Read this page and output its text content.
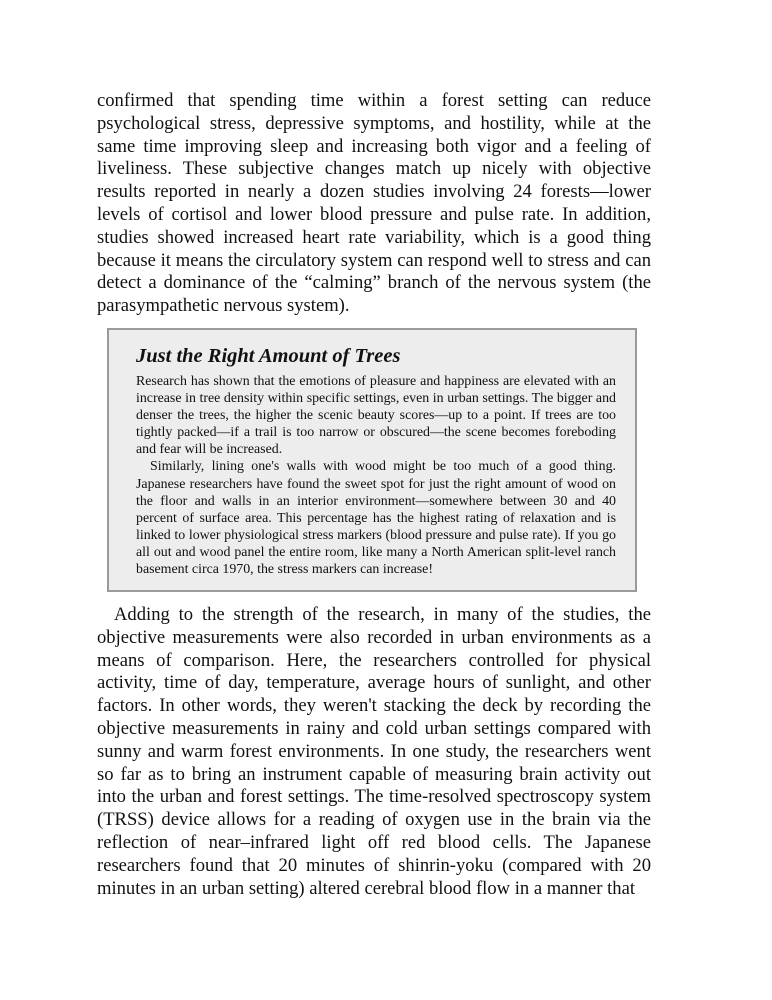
confirmed that spending time within a forest setting can reduce psychological stress, depressive symptoms, and hostility, while at the same time improving sleep and increasing both vigor and a feeling of liveliness. These subjective changes match up nicely with objective results reported in nearly a dozen studies involving 24 forests—lower levels of cortisol and lower blood pressure and pulse rate. In addition, studies showed increased heart rate variability, which is a good thing because it means the circulatory system can respond well to stress and can detect a dominance of the “calming” branch of the nervous system (the parasympathetic nervous system).

Just the Right Amount of Trees

Research has shown that the emotions of pleasure and happiness are elevated with an increase in tree density within specific settings, even in urban settings. The bigger and denser the trees, the higher the scenic beauty scores—up to a point. If trees are too tightly packed—if a trail is too narrow or obscured—the scene becomes foreboding and fear will be increased.

Similarly, lining one's walls with wood might be too much of a good thing. Japanese researchers have found the sweet spot for just the right amount of wood on the floor and walls in an interior environment—somewhere between 30 and 40 percent of surface area. This percentage has the highest rating of relaxation and is linked to lower physiological stress markers (blood pressure and pulse rate). If you go all out and wood panel the entire room, like many a North American split-level ranch basement circa 1970, the stress markers can increase!

Adding to the strength of the research, in many of the studies, the objective measurements were also recorded in urban environments as a means of comparison. Here, the researchers controlled for physical activity, time of day, temperature, average hours of sunlight, and other factors. In other words, they weren't stacking the deck by recording the objective measurements in rainy and cold urban settings compared with sunny and warm forest environments. In one study, the researchers went so far as to bring an instrument capable of measuring brain activity out into the urban and forest settings. The time-resolved spectroscopy system (TRSS) device allows for a reading of oxygen use in the brain via the reflection of near–infrared light off red blood cells. The Japanese researchers found that 20 minutes of shinrin-yoku (compared with 20 minutes in an urban setting) altered cerebral blood flow in a manner that
